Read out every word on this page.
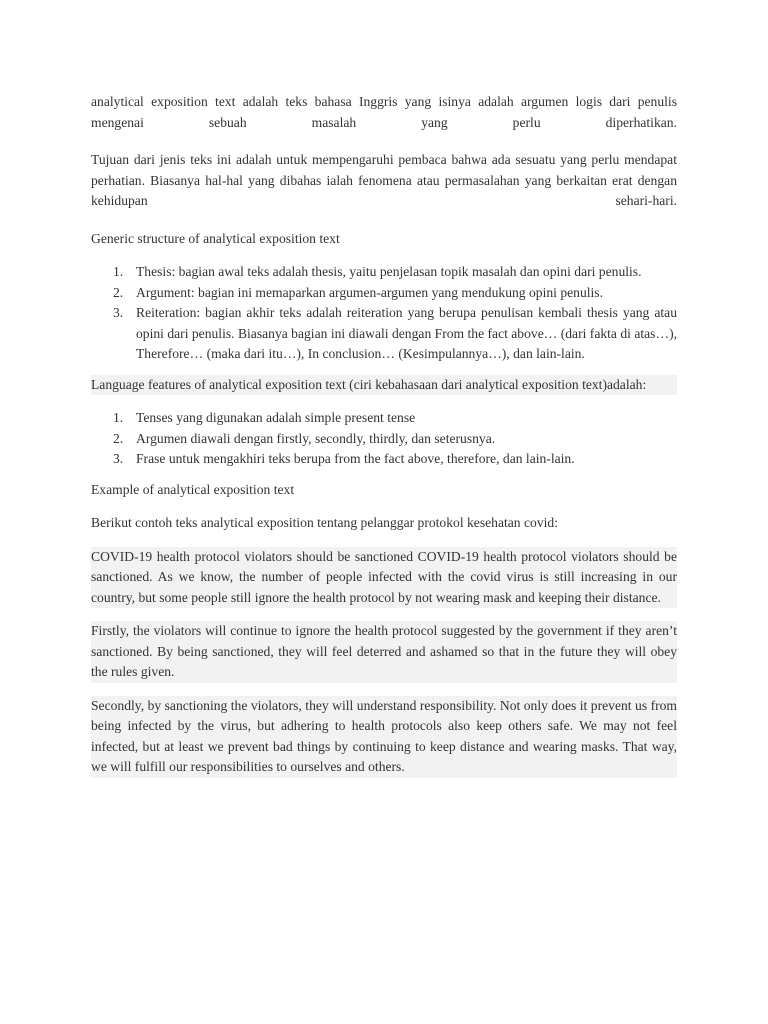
analytical exposition text adalah teks bahasa Inggris yang isinya adalah argumen logis dari penulis mengenai sebuah masalah yang perlu diperhatikan.

Tujuan dari jenis teks ini adalah untuk mempengaruhi pembaca bahwa ada sesuatu yang perlu mendapat perhatian. Biasanya hal-hal yang dibahas ialah fenomena atau permasalahan yang berkaitan erat dengan kehidupan sehari-hari.

Generic structure of analytical exposition text

1. Thesis: bagian awal teks adalah thesis, yaitu penjelasan topik masalah dan opini dari penulis.
2. Argument: bagian ini memaparkan argumen-argumen yang mendukung opini penulis.
3. Reiteration: bagian akhir teks adalah reiteration yang berupa penulisan kembali thesis yang atau opini dari penulis. Biasanya bagian ini diawali dengan From the fact above… (dari fakta di atas…), Therefore… (maka dari itu…), In conclusion… (Kesimpulannya…), dan lain-lain.

Language features of analytical exposition text (ciri kebahasaan dari analytical exposition text)adalah:

1. Tenses yang digunakan adalah simple present tense
2. Argumen diawali dengan firstly, secondly, thirdly, dan seterusnya.
3. Frase untuk mengakhiri teks berupa from the fact above, therefore, dan lain-lain.

Example of analytical exposition text

Berikut contoh teks analytical exposition tentang pelanggar protokol kesehatan covid:

COVID-19 health protocol violators should be sanctioned COVID-19 health protocol violators should be sanctioned. As we know, the number of people infected with the covid virus is still increasing in our country, but some people still ignore the health protocol by not wearing mask and keeping their distance.

Firstly, the violators will continue to ignore the health protocol suggested by the government if they aren’t sanctioned. By being sanctioned, they will feel deterred and ashamed so that in the future they will obey the rules given.

Secondly, by sanctioning the violators, they will understand responsibility. Not only does it prevent us from being infected by the virus, but adhering to health protocols also keep others safe. We may not feel infected, but at least we prevent bad things by continuing to keep distance and wearing masks. That way, we will fulfill our responsibilities to ourselves and others.
